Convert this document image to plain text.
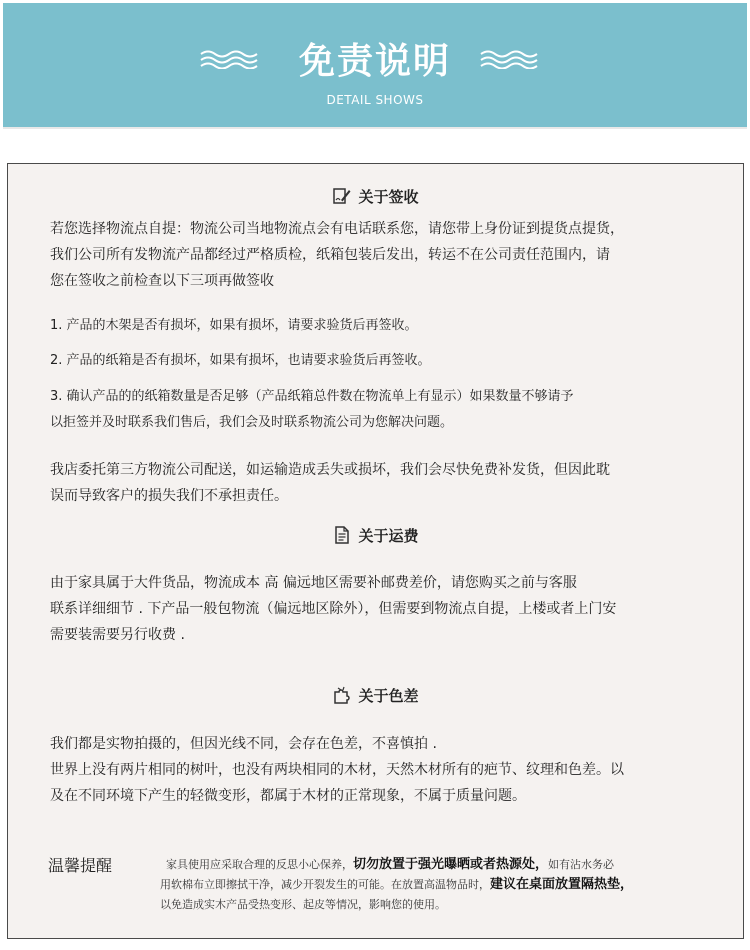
免责说明
DETAIL SHOWS
关于签收
若您选择物流点自提：物流公司当地物流点会有电话联系您，请您带上身份证到提货点提货，
我们公司所有发物流产品都经过严格质检，纸箱包装后发出，转运不在公司责任范围内，请
您在签收之前检查以下三项再做签收
1. 产品的木架是否有损坏，如果有损坏，请要求验货后再签收。
2. 产品的纸箱是否有损坏，如果有损坏，也请要求验货后再签收。
3. 确认产品的的纸箱数量是否足够（产品纸箱总件数在物流单上有显示）如果数量不够请予
以拒签并及时联系我们售后，我们会及时联系物流公司为您解决问题。
我店委托第三方物流公司配送，如运输造成丢失或损坏，我们会尽快免费补发货，但因此耽
误而导致客户的损失我们不承担责任。
关于运费
由于家具属于大件货品，物流成本 高 偏远地区需要补邮费差价，请您购买之前与客服
联系详细细节 . 下产品一般包物流（偏远地区除外），但需要到物流点自提，上楼或者上门安
需要装需要另行收费 .
关于色差
我们都是实物拍摄的，但因光线不同，会存在色差，不喜慎拍 .
世界上没有两片相同的树叶，也没有两块相同的木材，天然木材所有的疤节、纹理和色差。以
及在不同环境下产生的轻微变形，都属于木材的正常现象，不属于质量问题。
温馨提醒	家具使用应采取合理的反思小心保养，切勿放置于强光曝晒或者热源处，如有沾水务必
用软棉布立即擦拭干净，减少开裂发生的可能。在放置高温物品时，建议在桌面放置隔热垫，
以免造成实木产品受热变形、起皮等情况，影响您的使用。
